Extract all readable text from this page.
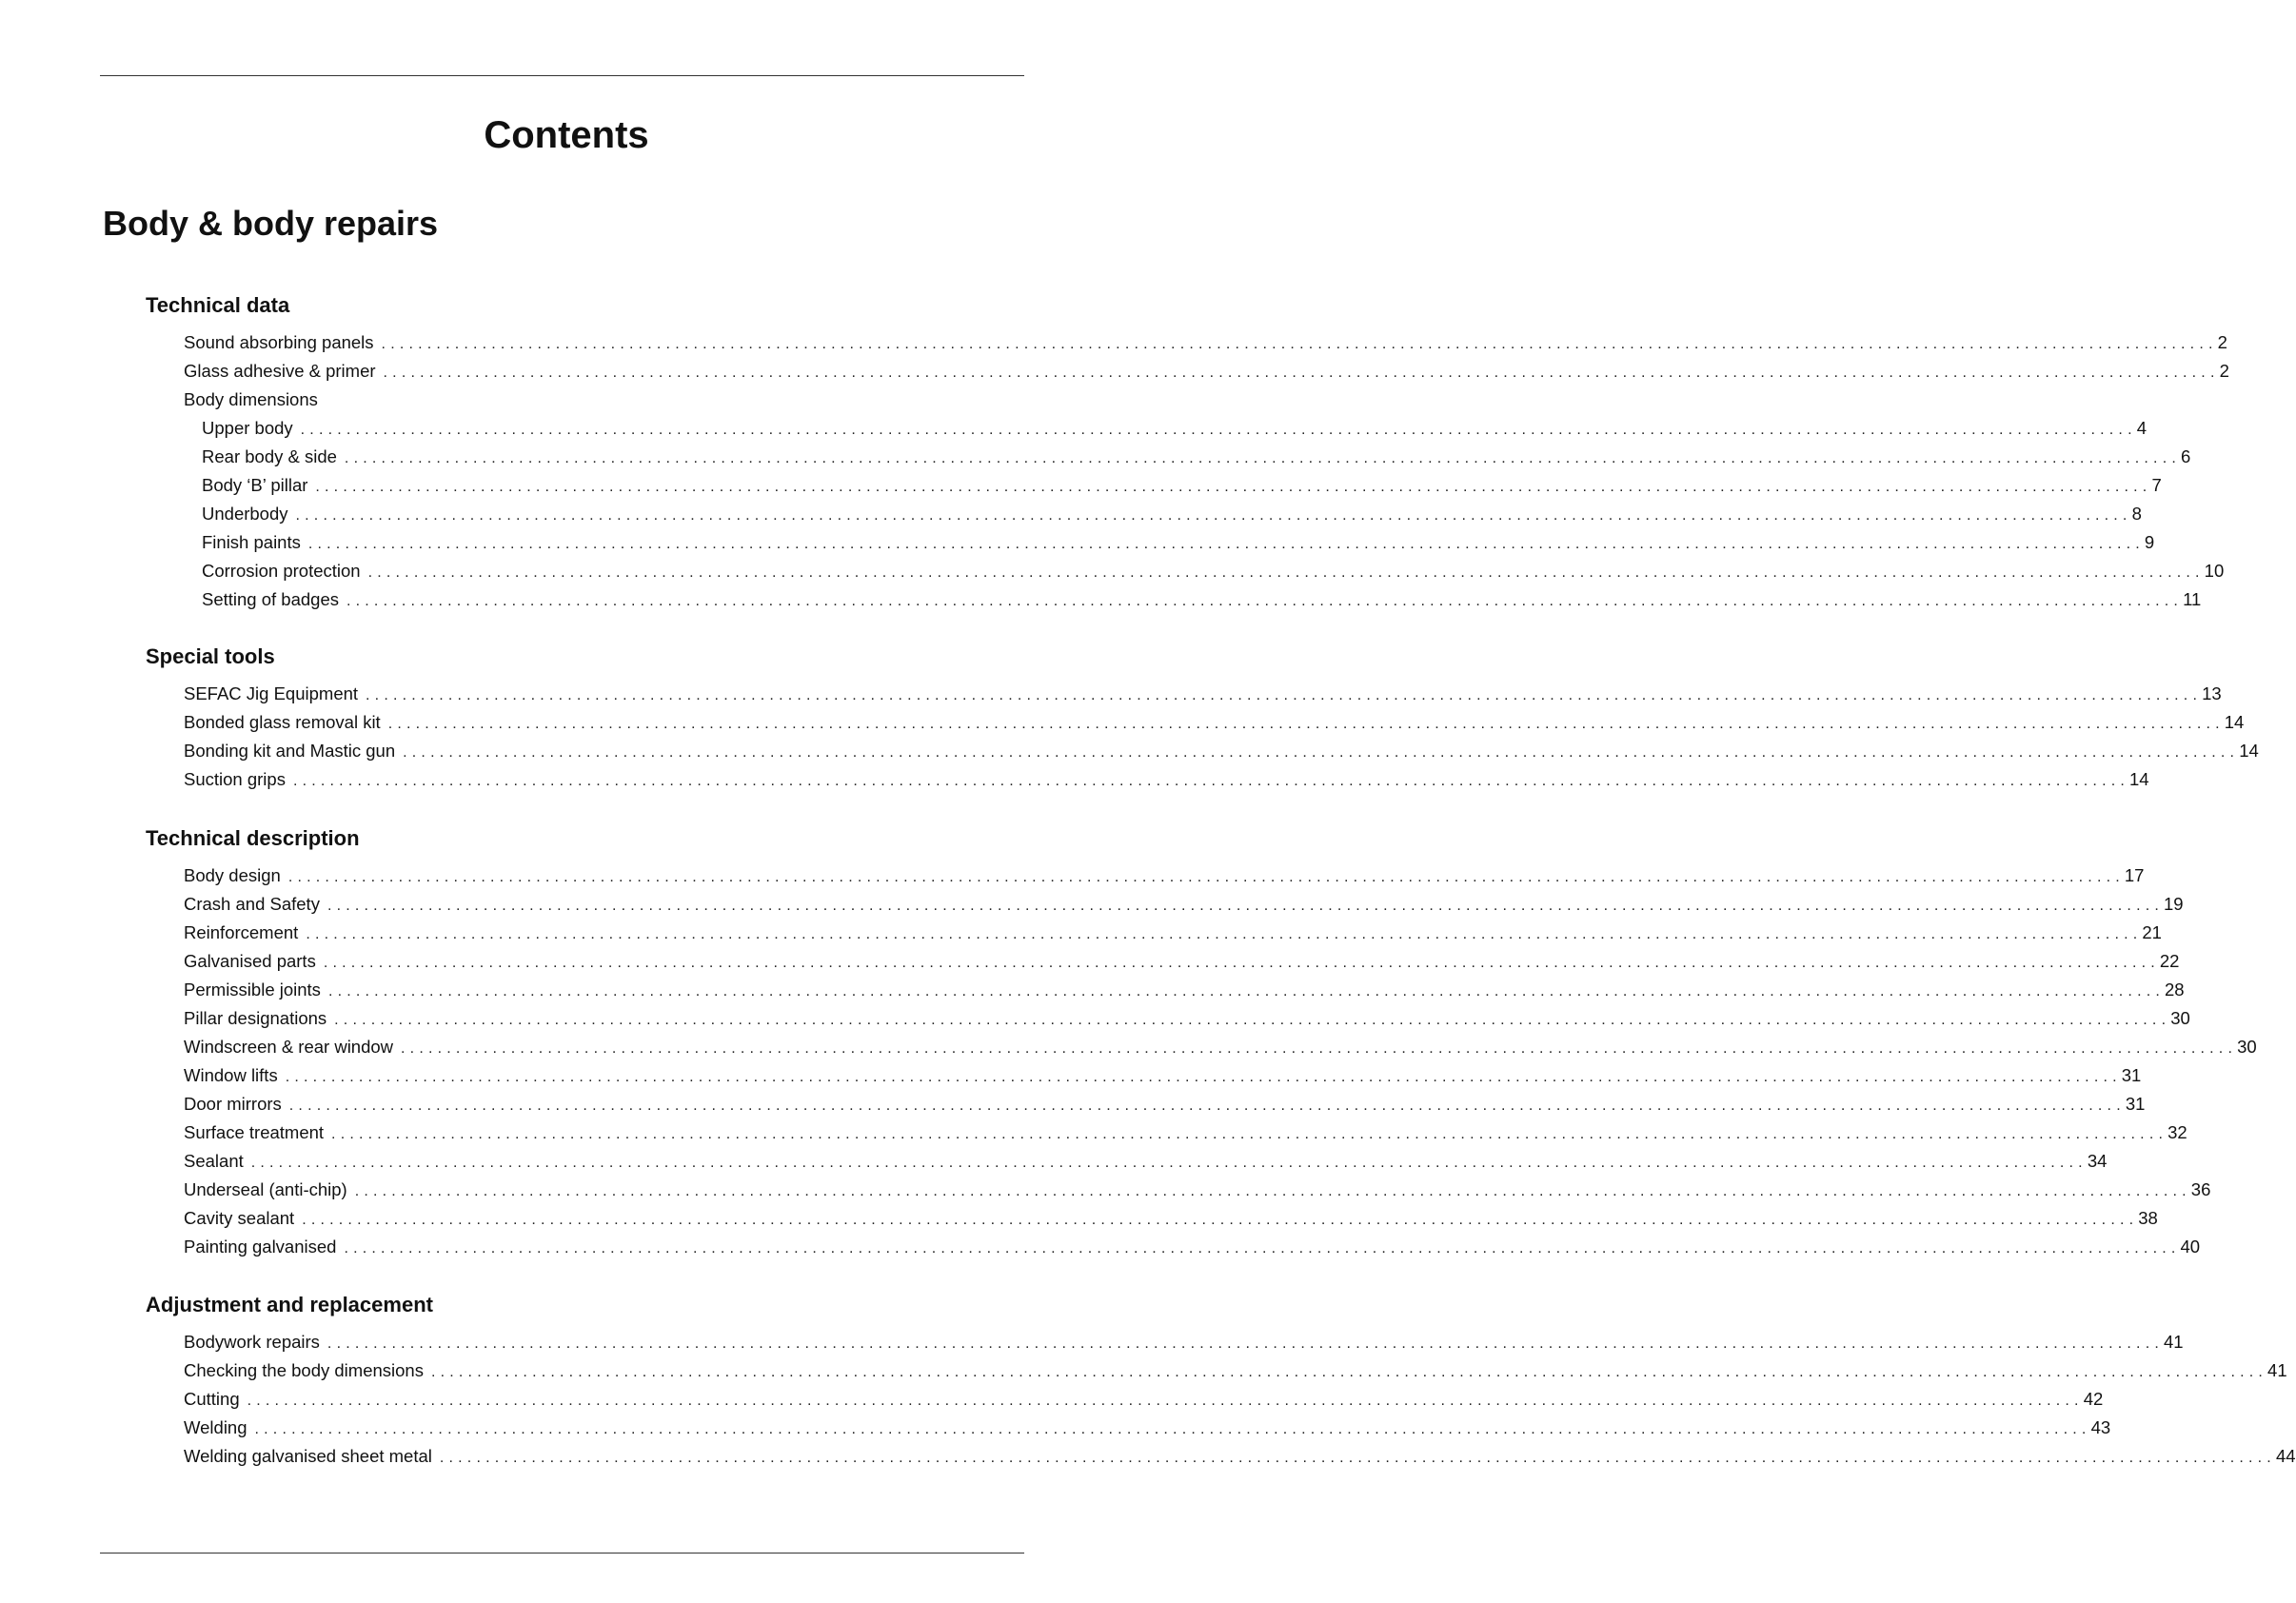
Contents
Body & body repairs
Technical data
Sound absorbing panels ........................................................................................................................................................................................................ 2
Glass adhesive & primer ........................................................................................................................................................................................................ 2
Body dimensions
Upper body ........................................................................................................................................................................................................ 4
Rear body & side ........................................................................................................................................................................................................ 6
Body ‘B’ pillar ........................................................................................................................................................................................................ 7
Underbody ........................................................................................................................................................................................................ 8
Finish paints ........................................................................................................................................................................................................ 9
Corrosion protection ........................................................................................................................................................................................................ 10
Setting of badges ........................................................................................................................................................................................................ 11
Special tools
SEFAC Jig Equipment ........................................................................................................................................................................................................ 13
Bonded glass removal kit ........................................................................................................................................................................................................ 14
Bonding kit and Mastic gun ........................................................................................................................................................................................................ 14
Suction grips ........................................................................................................................................................................................................ 14
Technical description
Body design ........................................................................................................................................................................................................ 17
Crash and Safety ........................................................................................................................................................................................................ 19
Reinforcement ........................................................................................................................................................................................................ 21
Galvanised parts ........................................................................................................................................................................................................ 22
Permissible joints ........................................................................................................................................................................................................ 28
Pillar designations ........................................................................................................................................................................................................ 30
Windscreen & rear window ........................................................................................................................................................................................................ 30
Window lifts ........................................................................................................................................................................................................ 31
Door mirrors ........................................................................................................................................................................................................ 31
Surface treatment ........................................................................................................................................................................................................ 32
Sealant ........................................................................................................................................................................................................ 34
Underseal (anti-chip) ........................................................................................................................................................................................................ 36
Cavity sealant ........................................................................................................................................................................................................ 38
Painting galvanised ........................................................................................................................................................................................................ 40
Adjustment and replacement
Bodywork repairs ........................................................................................................................................................................................................ 41
Checking the body dimensions ........................................................................................................................................................................................................ 41
Cutting ........................................................................................................................................................................................................ 42
Welding ........................................................................................................................................................................................................ 43
Welding galvanised sheet metal ........................................................................................................................................................................................................ 44
